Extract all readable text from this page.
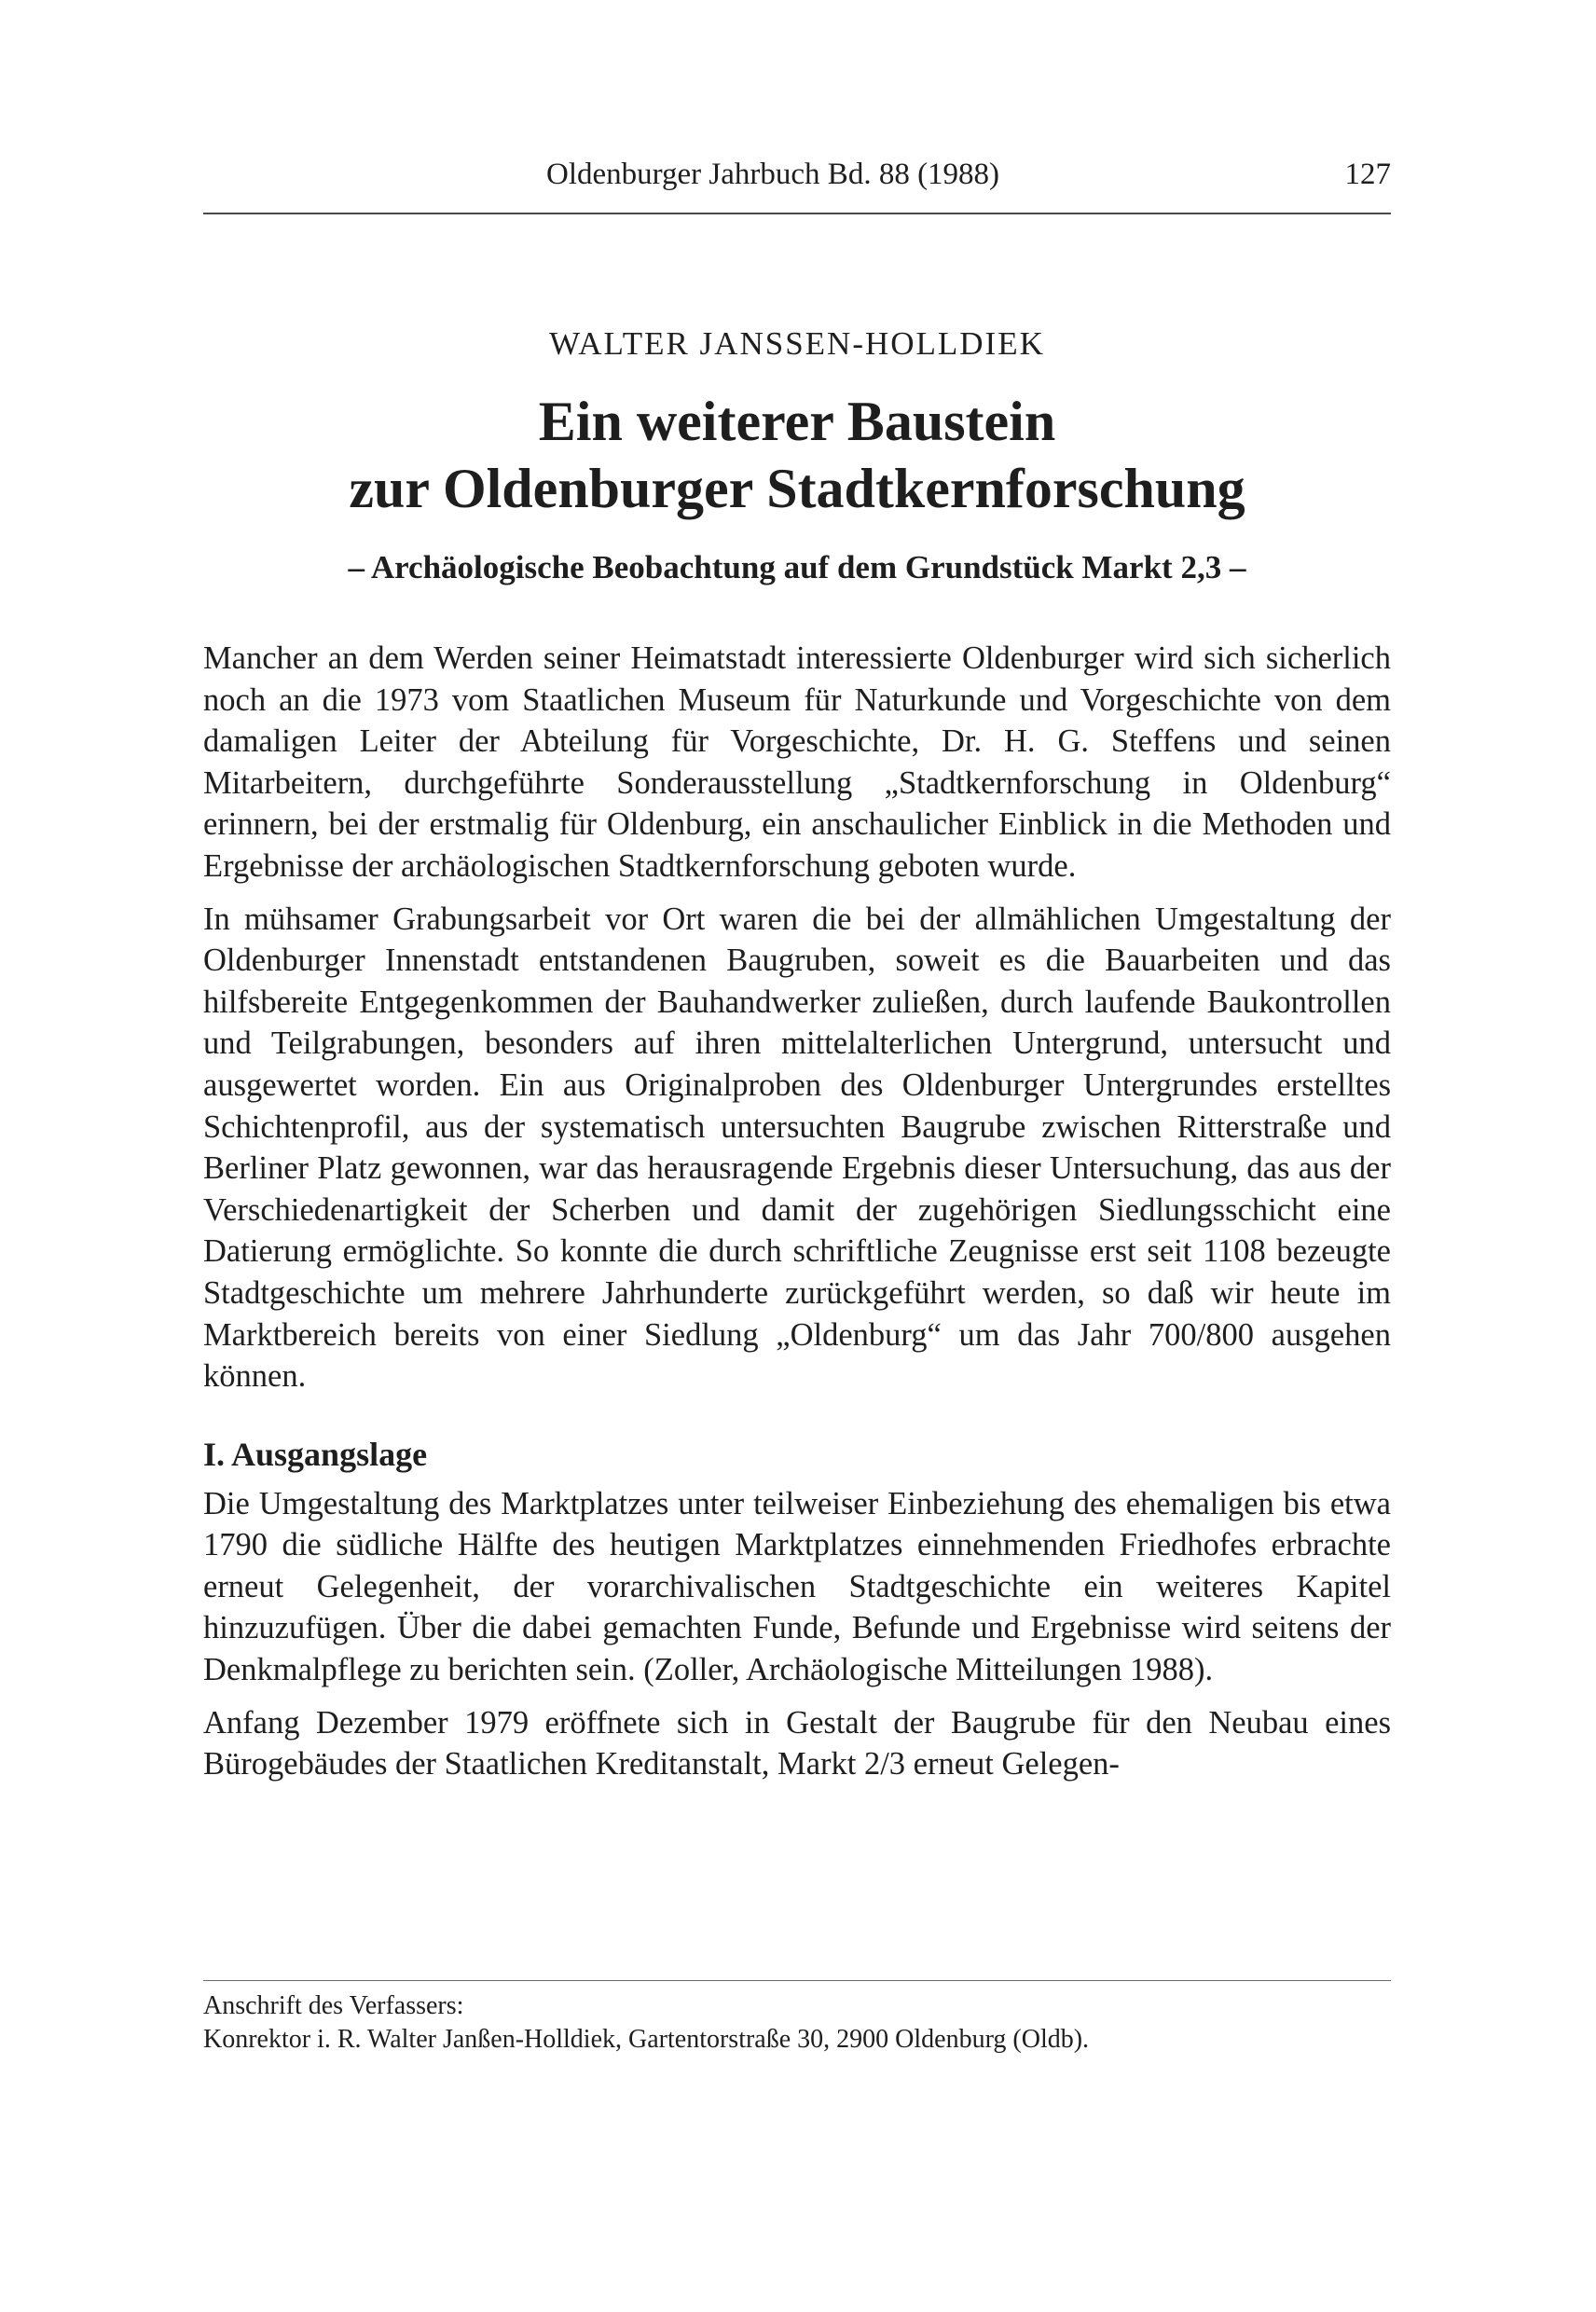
Oldenburger Jahrbuch Bd. 88 (1988)	127
WALTER JANSSEN-HOLLDIEK
Ein weiterer Baustein
zur Oldenburger Stadtkernforschung
– Archäologische Beobachtung auf dem Grundstück Markt 2,3 –

Mancher an dem Werden seiner Heimatstadt interessierte Oldenburger wird sich sicherlich noch an die 1973 vom Staatlichen Museum für Naturkunde und Vorgeschichte von dem damaligen Leiter der Abteilung für Vorgeschichte, Dr. H. G. Steffens und seinen Mitarbeitern, durchgeführte Sonderausstellung „Stadtkernforschung in Oldenburg“ erinnern, bei der erstmalig für Oldenburg, ein anschaulicher Einblick in die Methoden und Ergebnisse der archäologischen Stadtkernforschung geboten wurde.

In mühsamer Grabungsarbeit vor Ort waren die bei der allmählichen Umgestaltung der Oldenburger Innenstadt entstandenen Baugruben, soweit es die Bauarbeiten und das hilfsbereite Entgegenkommen der Bauhandwerker zuließen, durch laufende Baukontrollen und Teilgrabungen, besonders auf ihren mittelalterlichen Untergrund, untersucht und ausgewertet worden. Ein aus Originalproben des Oldenburger Untergrundes erstelltes Schichtenprofil, aus der systematisch untersuchten Baugrube zwischen Ritterstraße und Berliner Platz gewonnen, war das herausragende Ergebnis dieser Untersuchung, das aus der Verschiedenartigkeit der Scherben und damit der zugehörigen Siedlungsschicht eine Datierung ermöglichte. So konnte die durch schriftliche Zeugnisse erst seit 1108 bezeugte Stadtgeschichte um mehrere Jahrhunderte zurückgeführt werden, so daß wir heute im Marktbereich bereits von einer Siedlung „Oldenburg“ um das Jahr 700/800 ausgehen können.

I. Ausgangslage

Die Umgestaltung des Marktplatzes unter teilweiser Einbeziehung des ehemaligen bis etwa 1790 die südliche Hälfte des heutigen Marktplatzes einnehmenden Friedhofes erbrachte erneut Gelegenheit, der vorarchivalischen Stadtgeschichte ein weiteres Kapitel hinzuzufügen. Über die dabei gemachten Funde, Befunde und Ergebnisse wird seitens der Denkmalpflege zu berichten sein. (Zoller, Archäologische Mitteilungen 1988).

Anfang Dezember 1979 eröffnete sich in Gestalt der Baugrube für den Neubau eines Bürogebäudes der Staatlichen Kreditanstalt, Markt 2/3 erneut Gelegen-

Anschrift des Verfassers:
Konrektor i. R. Walter Janßen-Holldiek, Gartentorstraße 30, 2900 Oldenburg (Oldb).
